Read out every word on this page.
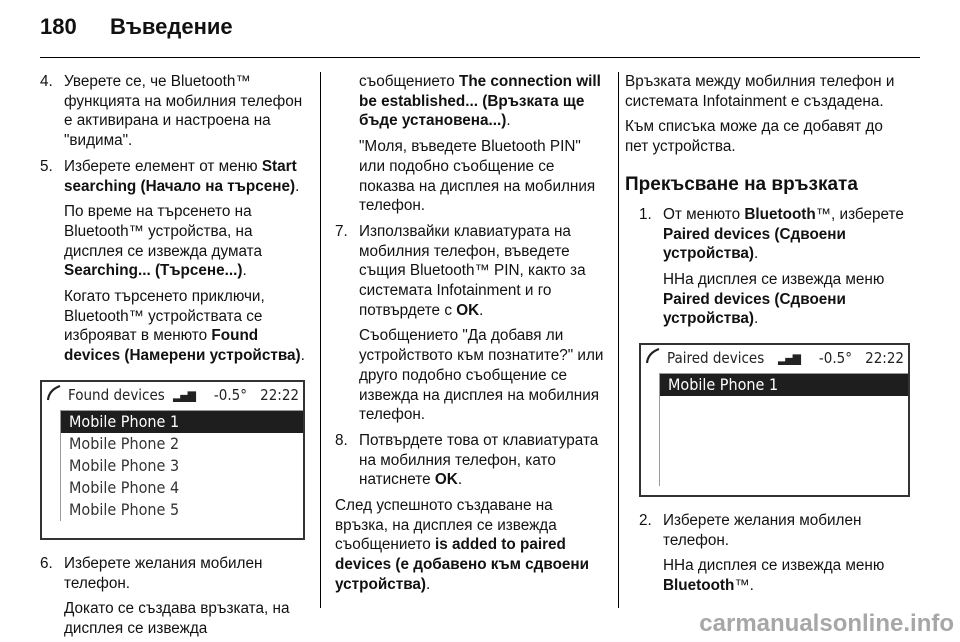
180	Въведение
4. Уверете се, че Bluetooth™ функцията на мобилния телефон е активирана и настроена на "видима".
5. Изберете елемент от меню Start searching (Начало на търсене).

По време на търсенето на Bluetooth™ устройства, на дисплея се извежда думата Searching... (Търсене...).

Когато търсенето приключи, Bluetooth™ устройствата се изброяват в менюто Found devices (Намерени устройства).

Found devices ▂▄▆	-0.5° 22:22
Mobile Phone 1
Mobile Phone 2
Mobile Phone 3
Mobile Phone 4
Mobile Phone 5
6. Изберете желания мобилен телефон.

Докато се създава връзката, на дисплея се извежда

съобщението The connection will be established... (Връзката ще бъде установена...).

"Моля, въведете Bluetooth PIN" или подобно съобщение се показва на дисплея на мобилния телефон.

7. Използвайки клавиатурата на мобилния телефон, въведете същия Bluetooth™ PIN, както за системата Infotainment и го потвърдете с OK.

Съобщението "Да добавя ли устройството към познатите?" или друго подобно съобщение се извежда на дисплея на мобилния телефон.

8. Потвърдете това от клавиатурата на мобилния телефон, като натиснете OK.

След успешното създаване на връзка, на дисплея се извежда съобщението is added to paired devices (е добавено към сдвоени устройства).

Връзката между мобилния телефон и системата Infotainment е създадена.

Към списъка може да се добавят до пет устройства.

Прекъсване на връзката
1. От менюто Bluetooth™, изберете Paired devices (Сдвоени устройства).

ННа дисплея се извежда меню Paired devices (Сдвоени устройства).

Paired devices	▂▄▆	-0.5° 22:22
Mobile Phone 1
2. Изберете желания мобилен телефон.

ННа дисплея се извежда меню Bluetooth™.

carmanualsonline.info
